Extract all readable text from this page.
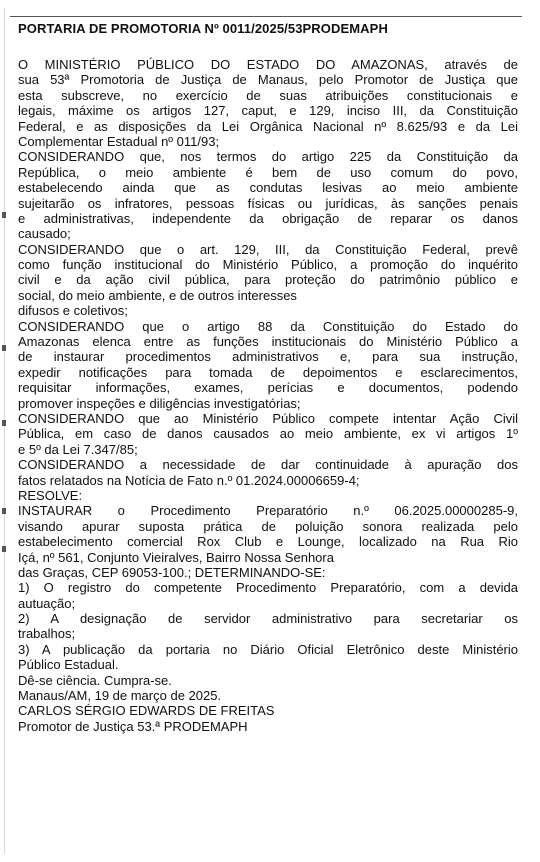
PORTARIA DE PROMOTORIA Nº 0011/2025/53PRODEMAPH
O MINISTÉRIO PÚBLICO DO ESTADO DO AMAZONAS, através de
sua 53ª Promotoria de Justiça de Manaus, pelo Promotor de Justiça que
esta subscreve, no exercício de suas atribuições constitucionais e
legais, máxime os artigos 127, caput, e 129, inciso III, da Constituição
Federal, e as disposições da Lei Orgânica Nacional nº 8.625/93 e da Lei
Complementar Estadual nº 011/93;
CONSIDERANDO que, nos termos do artigo 225 da Constituição da
República, o meio ambiente é bem de uso comum do povo,
estabelecendo ainda que as condutas lesivas ao meio ambiente
sujeitarão os infratores, pessoas físicas ou jurídicas, às sanções penais
e administrativas, independente da obrigação de reparar os danos
causado;
CONSIDERANDO que o art. 129, III, da Constituição Federal, prevê
como função institucional do Ministério Público, a promoção do inquérito
civil e da ação civil pública, para proteção do patrimônio público e
social, do meio ambiente, e de outros interesses
difusos e coletivos;
CONSIDERANDO que o artigo 88 da Constituição do Estado do
Amazonas elenca entre as funções institucionais do Ministério Público a
de instaurar procedimentos administrativos e, para sua instrução,
expedir notificações para tomada de depoimentos e esclarecimentos,
requisitar informações, exames, perícias e documentos, podendo
promover inspeções e diligências investigatórias;
CONSIDERANDO que ao Ministério Público compete intentar Ação Civil
Pública, em caso de danos causados ao meio ambiente, ex vi artigos 1º
e 5º da Lei 7.347/85;
CONSIDERANDO a necessidade de dar continuidade à apuração dos
fatos relatados na Notícia de Fato n.º 01.2024.00006659-4;
RESOLVE:
INSTAURAR o Procedimento Preparatório n.º 06.2025.00000285-9,
visando apurar suposta prática de poluição sonora realizada pelo
estabelecimento comercial Rox Club e Lounge, localizado na Rua Rio
Içá, nº 561, Conjunto Vieiralves, Bairro Nossa Senhora
das Graças, CEP 69053-100.; DETERMINANDO-SE:
1) O registro do competente Procedimento Preparatório, com a devida
autuação;
2) A designação de servidor administrativo para secretariar os
trabalhos;
3) A publicação da portaria no Diário Oficial Eletrônico deste Ministério
Público Estadual.
Dê-se ciência. Cumpra-se.
Manaus/AM, 19 de março de 2025.
CARLOS SÉRGIO EDWARDS DE FREITAS
Promotor de Justiça 53.ª PRODEMAPH
